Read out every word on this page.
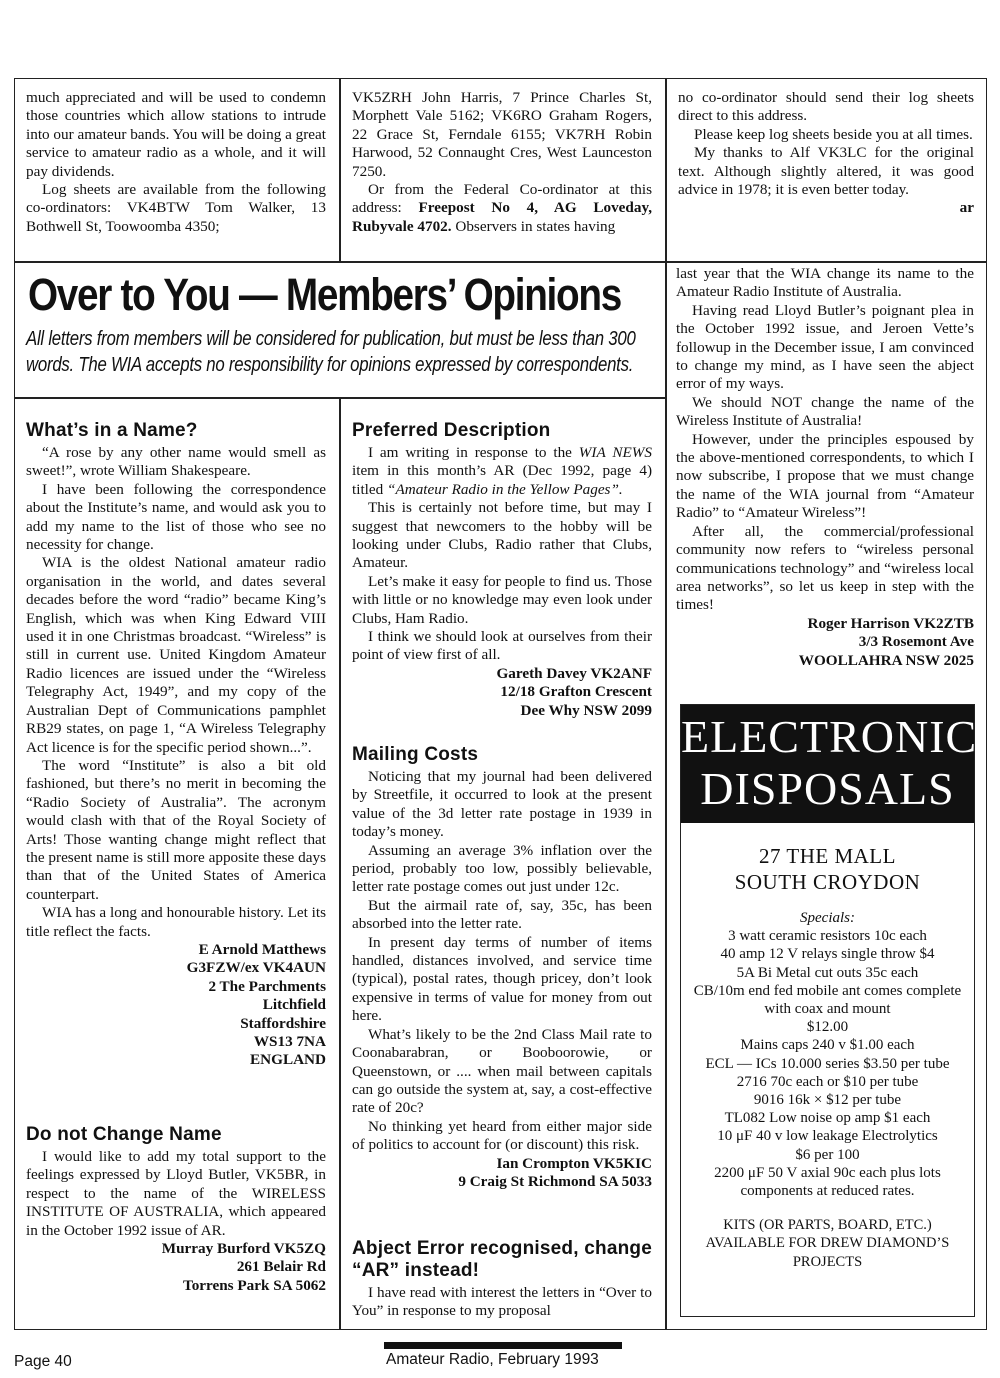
much appreciated and will be used to condemn those countries which allow stations to intrude into our amateur bands. You will be doing a great service to amateur radio as a whole, and it will pay dividends.

Log sheets are available from the following co-ordinators: VK4BTW Tom Walker, 13 Bothwell St, Toowoomba 4350;

VK5ZRH John Harris, 7 Prince Charles St, Morphett Vale 5162; VK6RO Graham Rogers, 22 Grace St, Ferndale 6155; VK7RH Robin Harwood, 52 Connaught Cres, West Launceston 7250.

Or from the Federal Co-ordinator at this address: Freepost No 4, AG Loveday, Rubyvale 4702. Observers in states having

no co-ordinator should send their log sheets direct to this address.

Please keep log sheets beside you at all times.

My thanks to Alf VK3LC for the original text. Although slightly altered, it was good advice in 1978; it is even better today.

ar

Over to You — Members’ Opinions
All letters from members will be considered for publication, but must be less than 300 words. The WIA accepts no responsibility for opinions expressed by correspondents.
What’s in a Name?

“A rose by any other name would smell as sweet!”, wrote William Shakespeare.

I have been following the correspondence about the Institute’s name, and would ask you to add my name to the list of those who see no necessity for change.

WIA is the oldest National amateur radio organisation in the world, and dates several decades before the word “radio” became King’s English, which was when King Edward VIII used it in one Christmas broadcast. “Wireless” is still in current use. United Kingdom Amateur Radio licences are issued under the “Wireless Telegraphy Act, 1949”, and my copy of the Australian Dept of Communications pamphlet RB29 states, on page 1, “A Wireless Telegraphy Act licence is for the specific period shown...”.

The word “Institute” is also a bit old fashioned, but there’s no merit in becoming the “Radio Society of Australia”. The acronym would clash with that of the Royal Society of Arts! Those wanting change might reflect that the present name is still more apposite these days than that of the United States of America counterpart.

WIA has a long and honourable history. Let its title reflect the facts.

E Arnold Matthews

G3FZW/ex VK4AUN

2 The Parchments

Litchfield

Staffordshire

WS13 7NA

ENGLAND

Do not Change Name

I would like to add my total support to the feelings expressed by Lloyd Butler, VK5BR, in respect to the name of the WIRELESS INSTITUTE OF AUSTRALIA, which appeared in the October 1992 issue of AR.

Murray Burford VK5ZQ

261 Belair Rd

Torrens Park SA 5062

Preferred Description

I am writing in response to the WIA NEWS item in this month’s AR (Dec 1992, page 4) titled “Amateur Radio in the Yellow Pages”.

This is certainly not before time, but may I suggest that newcomers to the hobby will be looking under Clubs, Radio rather that Clubs, Amateur.

Let’s make it easy for people to find us. Those with little or no knowledge may even look under Clubs, Ham Radio.

I think we should look at ourselves from their point of view first of all.

Gareth Davey VK2ANF

12/18 Grafton Crescent

Dee Why NSW 2099

Mailing Costs

Noticing that my journal had been delivered by Streetfile, it occurred to look at the present value of the 3d letter rate postage in 1939 in today’s money.

Assuming an average 3% inflation over the period, probably too low, possibly believable, letter rate postage comes out just under 12c.

But the airmail rate of, say, 35c, has been absorbed into the letter rate.

In present day terms of number of items handled, distances involved, and service time (typical), postal rates, though pricey, don’t look expensive in terms of value for money from out here.

What’s likely to be the 2nd Class Mail rate to Coonabarabran, or Booboorowie, or Queenstown, or .... when mail between capitals can go outside the system at, say, a cost-effective rate of 20c?

No thinking yet heard from either major side of politics to account for (or discount) this risk.

Ian Crompton VK5KIC

9 Craig St Richmond SA 5033

Abject Error recognised, change “AR” instead!

I have read with interest the letters in “Over to You” in response to my proposal

last year that the WIA change its name to the Amateur Radio Institute of Australia.

Having read Lloyd Butler’s poignant plea in the October 1992 issue, and Jeroen Vette’s followup in the December issue, I am convinced to change my mind, as I have seen the abject error of my ways.

We should NOT change the name of the Wireless Institute of Australia!

However, under the principles espoused by the above-mentioned correspondents, to which I now subscribe, I propose that we must change the name of the WIA journal from “Amateur Radio” to “Amateur Wireless”!

After all, the commercial/professional community now refers to “wireless personal communications technology” and “wireless local area networks”, so let us keep in step with the times!

Roger Harrison VK2ZTB

3/3 Rosemont Ave

WOOLLAHRA NSW 2025

ELECTRONIC
DISPOSALS
27 THE MALL
SOUTH CROYDON
Specials:
3 watt ceramic resistors 10c each
40 amp 12 V relays single throw $4
5A Bi Metal cut outs 35c each
CB/10m end fed mobile ant comes complete with coax and mount
$12.00
Mains caps 240 v $1.00 each
ECL — ICs 10.000 series $3.50 per tube
2716 70c each or $10 per tube
9016 16k × $12 per tube
TL082 Low noise op amp $1 each
10 μF 40 v low leakage Electrolytics
$6 per 100
2200 μF 50 V axial 90c each plus lots components at reduced rates.
KITS (OR PARTS, BOARD, ETC.) AVAILABLE FOR DREW DIAMOND’S PROJECTS
Page 40	Amateur Radio, February 1993
